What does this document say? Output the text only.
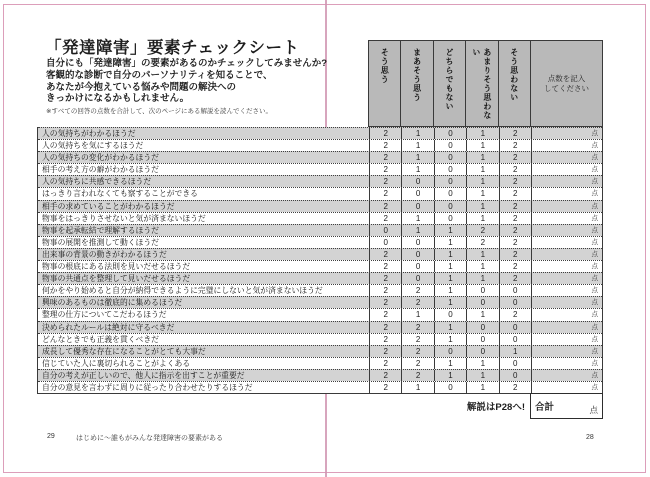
「発達障害」要素チェックシート
自分にも「発達障害」の要素があるのかチェックしてみませんか?
客観的な診断で自分のパーソナリティを知ることで、
あなたが今抱えている悩みや問題の解決への
きっかけになるかもしれません。
※すべての回答の点数を合計して、次のページにある解説を読んでください。
そう思う	まあそう思う	どちらでもない	あまりそう思わない	そう思わない	点数を記入
してください
人の気持ちがわかるほうだ	2	1	0	1	2	点
人の気持ちを気にするほうだ	2	1	0	1	2	点
人の気持ちの変化がわかるほうだ	2	1	0	1	2	点
相手の考え方の癖がわかるほうだ	2	1	0	1	2	点
人の気持ちに共感できるほうだ	2	0	0	1	2	点
はっきり言われなくても察することができる	2	0	0	1	2	点
相手の求めていることがわかるほうだ	2	0	0	1	2	点
物事をはっきりさせないと気が済まないほうだ	2	1	0	1	2	点
物事を起承転結で理解するほうだ	0	1	1	2	2	点
物事の展開を推測して動くほうだ	0	0	1	2	2	点
出来事の背景の動きがわかるほうだ	2	0	1	1	2	点
物事の根底にある法則を見いだせるほうだ	2	0	1	1	2	点
物事の共通点を整理して見いだせるほうだ	2	0	1	1	2	点
何かをやり始めると自分が納得できるように完璧にしないと気が済まないほうだ	2	2	1	0	0	点
興味のあるものは徹底的に集めるほうだ	2	2	1	0	0	点
整理の仕方についてこだわるほうだ	2	1	0	1	2	点
決められたルールは絶対に守るべきだ	2	2	1	0	0	点
どんなときでも正義を貫くべきだ	2	2	1	0	0	点
成長して優秀な存在になることがとても大事だ	2	2	0	0	1	点
信じていた人に裏切られることがよくある	2	2	1	1	0	点
自分の考えが正しいので、他人に指示を出すことが重要だ	2	2	1	1	0	点
自分の意見を言わずに周りに従ったり合わせたりするほうだ	2	1	0	1	2	点
解説はP28へ! 合計	点
29	はじめに～誰もがみんな発達障害の要素がある	28
